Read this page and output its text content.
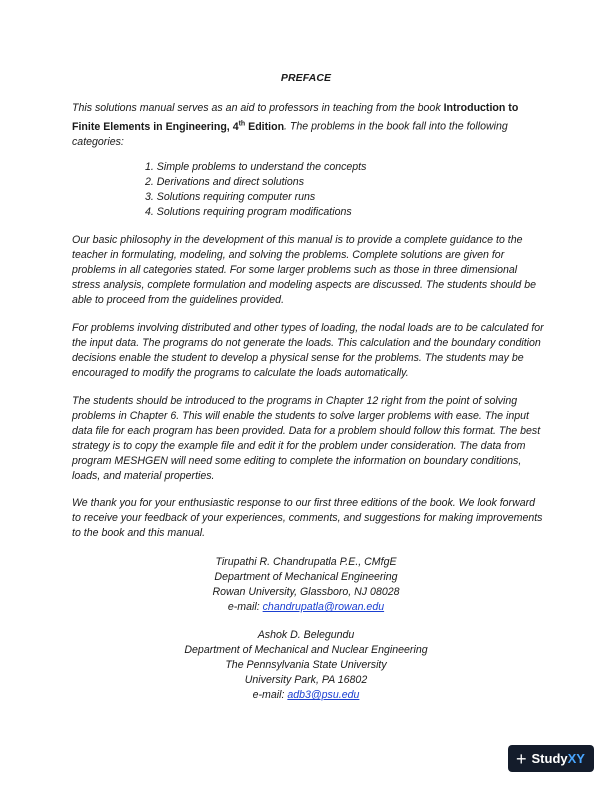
PREFACE

This solutions manual serves as an aid to professors in teaching from the book Introduction to Finite Elements in Engineering, 4th Edition. The problems in the book fall into the following categories:

1. Simple problems to understand the concepts
2. Derivations and direct solutions
3. Solutions requiring computer runs
4. Solutions requiring program modifications

Our basic philosophy in the development of this manual is to provide a complete guidance to the teacher in formulating, modeling, and solving the problems. Complete solutions are given for problems in all categories stated. For some larger problems such as those in three dimensional stress analysis, complete formulation and modeling aspects are discussed. The students should be able to proceed from the guidelines provided.

For problems involving distributed and other types of loading, the nodal loads are to be calculated for the input data. The programs do not generate the loads. This calculation and the boundary condition decisions enable the student to develop a physical sense for the problems. The students may be encouraged to modify the programs to calculate the loads automatically.

The students should be introduced to the programs in Chapter 12 right from the point of solving problems in Chapter 6. This will enable the students to solve larger problems with ease. The input data file for each program has been provided. Data for a problem should follow this format. The best strategy is to copy the example file and edit it for the problem under consideration. The data from program MESHGEN will need some editing to complete the information on boundary conditions, loads, and material properties.

We thank you for your enthusiastic response to our first three editions of the book. We look forward to receive your feedback of your experiences, comments, and suggestions for making improvements to the book and this manual.

Tirupathi R. Chandrupatla P.E., CMfgE
Department of Mechanical Engineering
Rowan University, Glassboro, NJ 08028
e-mail: chandrupatla@rowan.edu
Ashok D. Belegundu
Department of Mechanical and Nuclear Engineering
The Pennsylvania State University
University Park, PA 16802
e-mail: adb3@psu.edu
+ Study XY
